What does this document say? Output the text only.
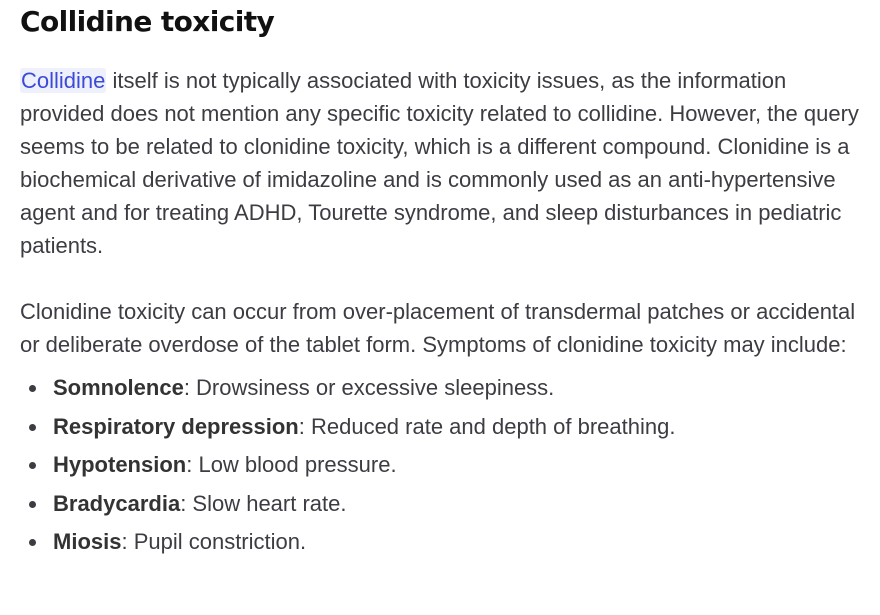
Collidine toxicity

Collidine itself is not typically associated with toxicity issues, as the information provided does not mention any specific toxicity related to collidine. However, the query seems to be related to clonidine toxicity, which is a different compound. Clonidine is a biochemical derivative of imidazoline and is commonly used as an anti-hypertensive agent and for treating ADHD, Tourette syndrome, and sleep disturbances in pediatric patients.

Clonidine toxicity can occur from over-placement of transdermal patches or accidental or deliberate overdose of the tablet form. Symptoms of clonidine toxicity may include:

Somnolence: Drowsiness or excessive sleepiness.
Respiratory depression: Reduced rate and depth of breathing.
Hypotension: Low blood pressure.
Bradycardia: Slow heart rate.
Miosis: Pupil constriction.
